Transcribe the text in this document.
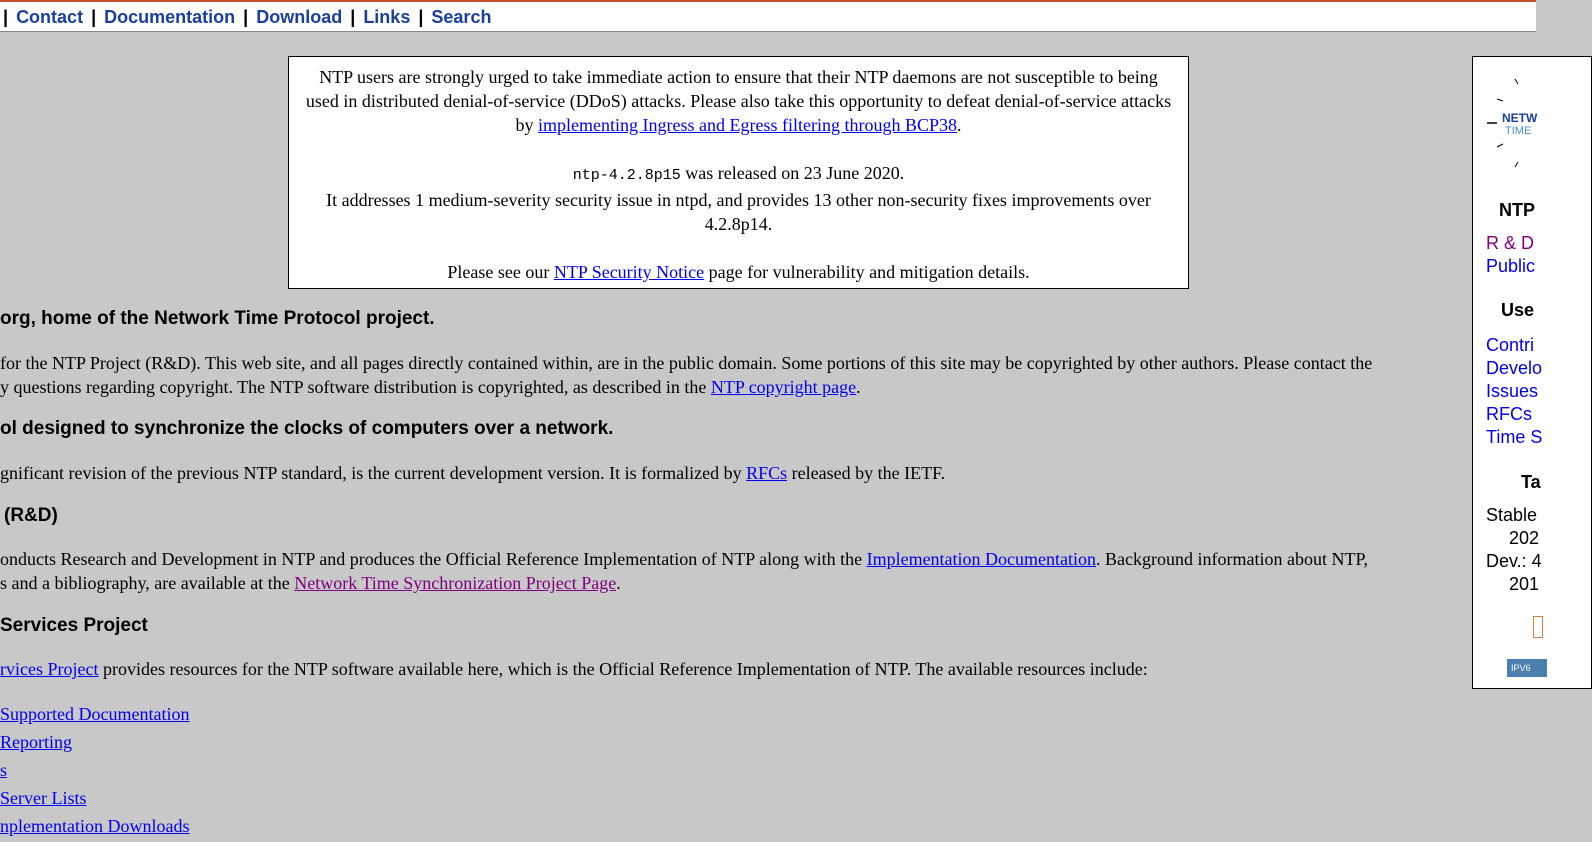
| Contact | Documentation | Download | Links | Search
org, home of the Network Time Protocol project.
for the NTP Project (R&D). This web site, and all pages directly contained within, are in the public domain. Some portions of this site may be copyrighted by other authors. Please contact the
y questions regarding copyright. The NTP software distribution is copyrighted, as described in the NTP copyright page.
ol designed to synchronize the clocks of computers over a network.
gnificant revision of the previous NTP standard, is the current development version. It is formalized by RFCs released by the IETF.
(R&D)
onducts Research and Development in NTP and produces the Official Reference Implementation of NTP along with the Implementation Documentation. Background information about NTP,
s and a bibliography, are available at the Network Time Synchronization Project Page.
Services Project
rvices Project provides resources for the NTP software available here, which is the Official Reference Implementation of NTP. The available resources include:
Supported Documentation
Reporting
s
Server Lists
nplementation Downloads

NTP users are strongly urged to take immediate action to ensure that their NTP daemons are not susceptible to being used in distributed denial-of-service (DDoS) attacks. Please also take this opportunity to defeat denial-of-service attacks by implementing Ingress and Egress filtering through BCP38.

ntp-4.2.8p15 was released on 23 June 2020.

It addresses 1 medium-severity security issue in ntpd, and provides 13 other non-security fixes improvements over 4.2.8p14.

Please see our NTP Security Notice page for vulnerability and mitigation details.

NETW
TIME
NTP
R & D
Public
Use
Contri
Develo
Issues
RFCs
Time S
Ta
Stable
202
Dev.: 4
201
IPV6
